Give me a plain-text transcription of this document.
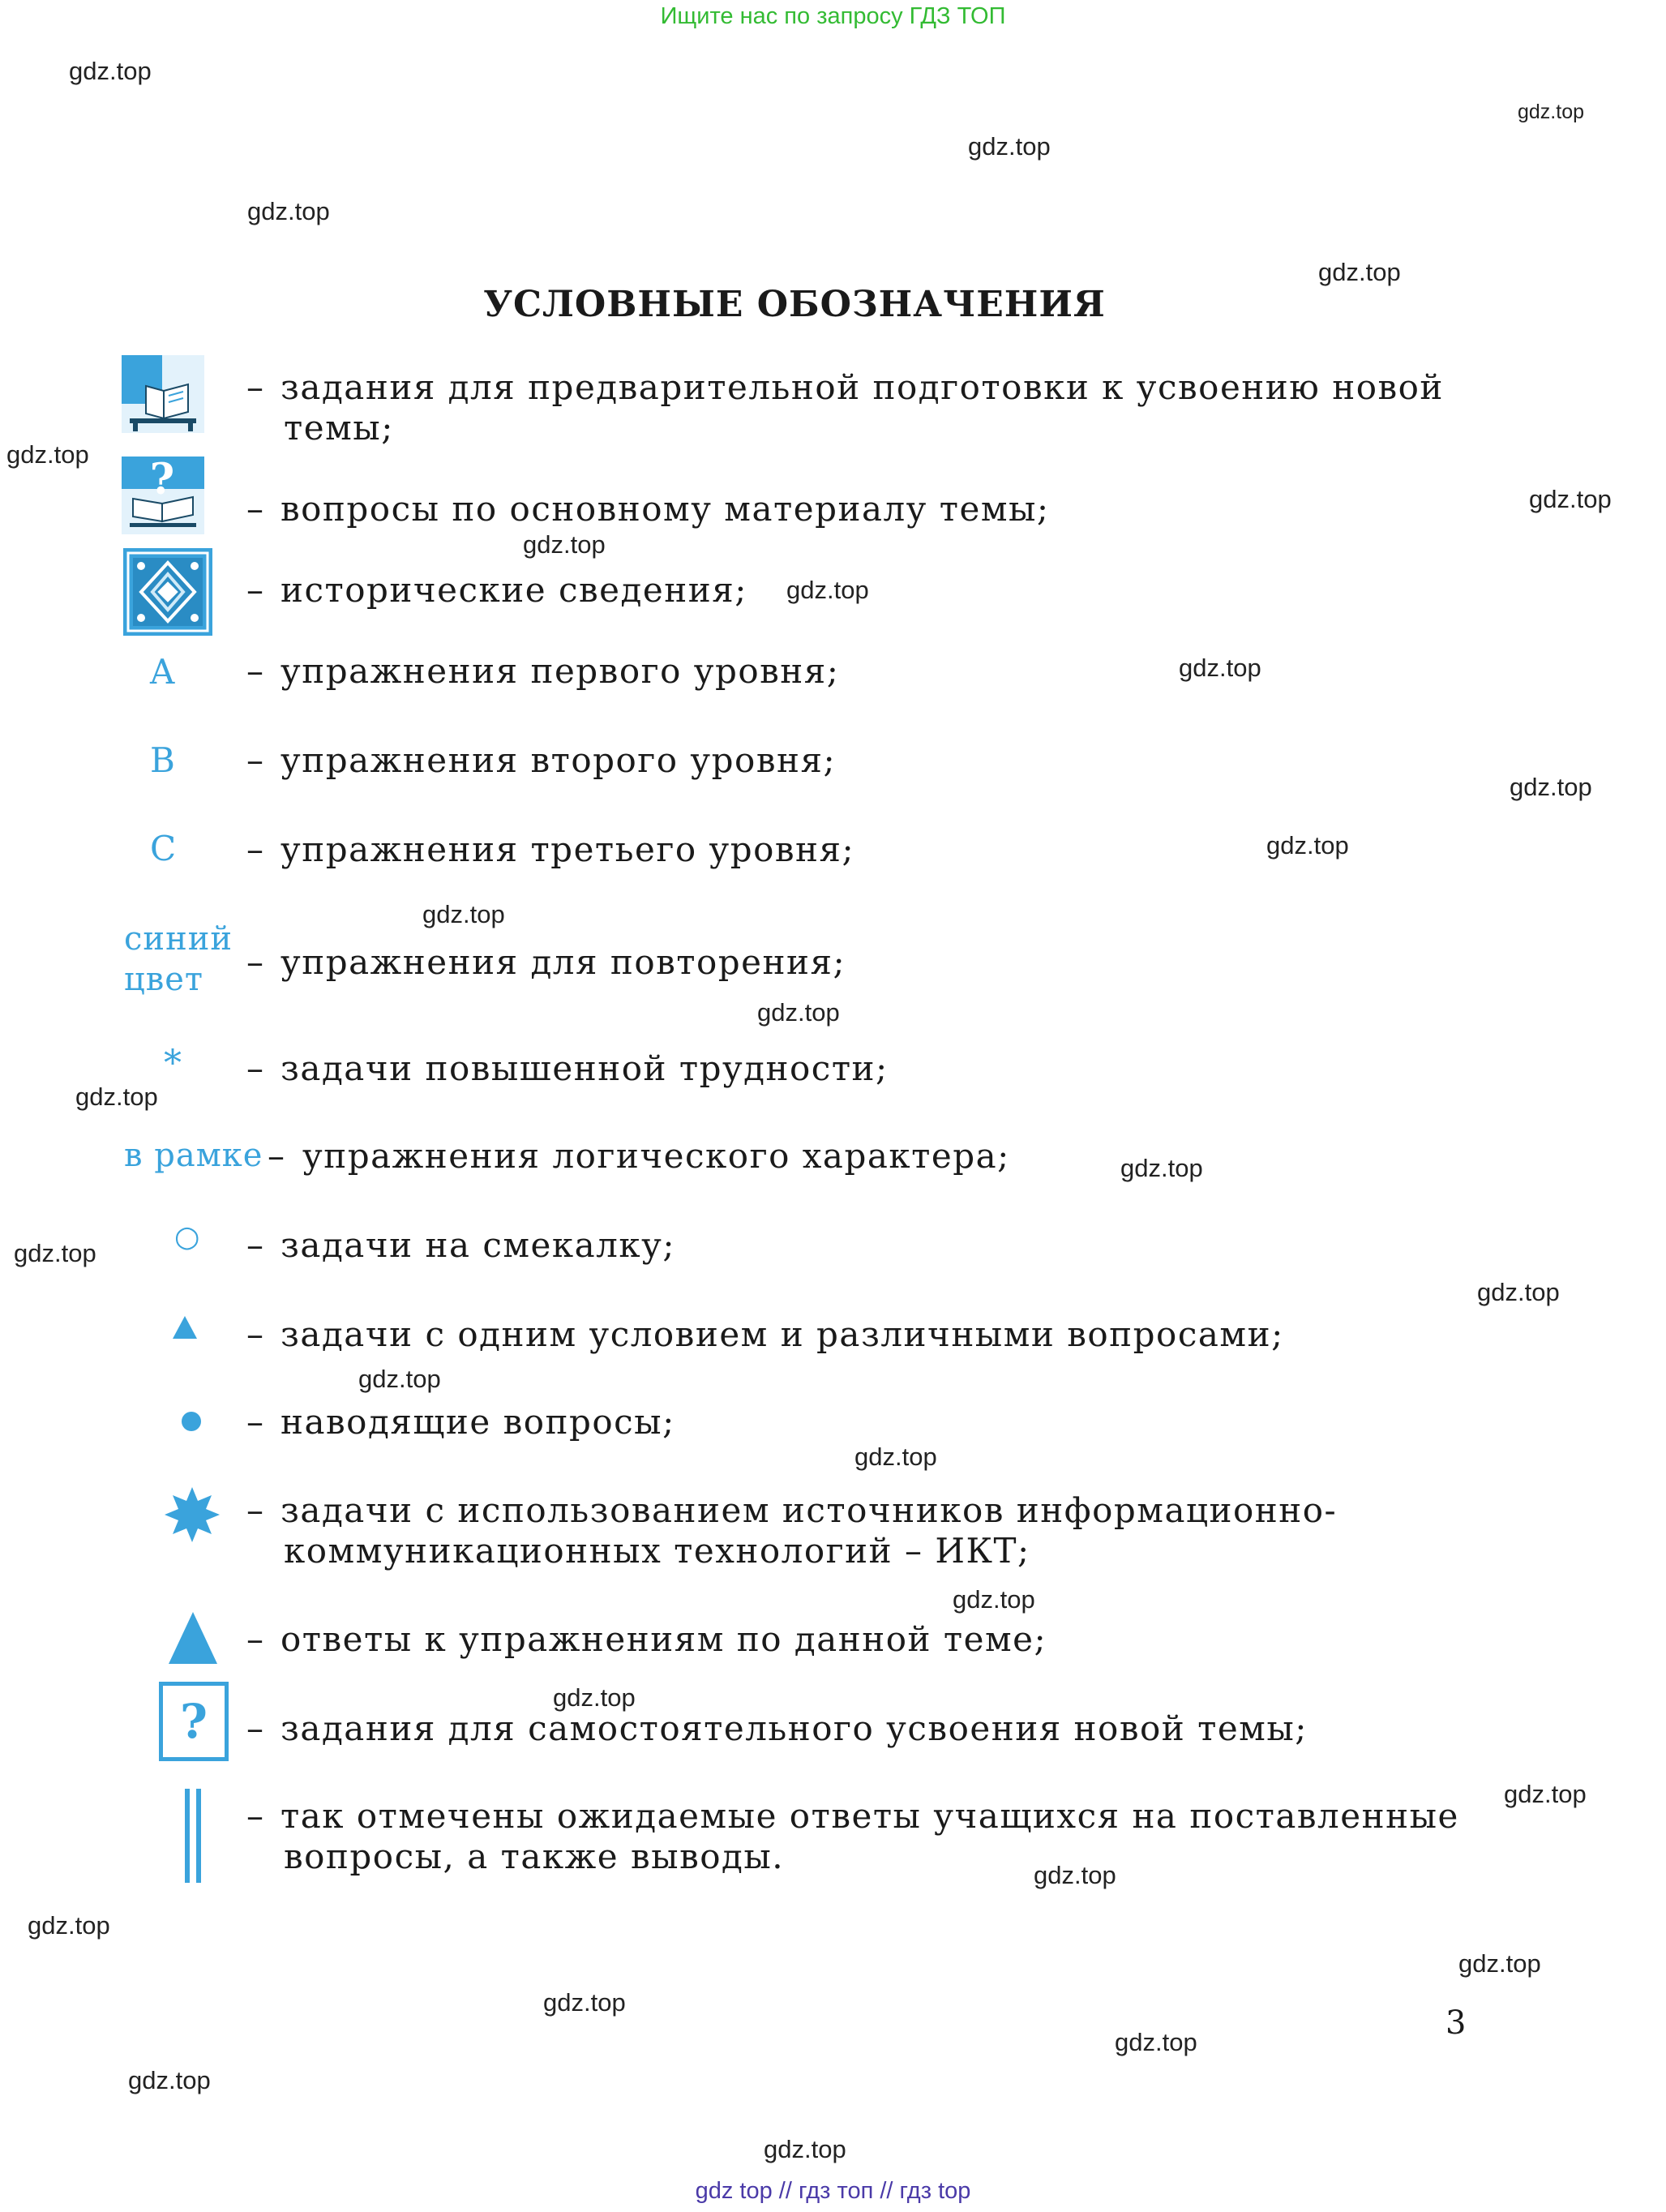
Ищите нас по запросу ГДЗ ТОП
gdz.top
gdz.top
gdz.top
gdz.top
gdz.top
gdz.top
gdz.top
gdz.top
gdz.top
gdz.top
gdz.top
gdz.top
gdz.top
gdz.top
gdz.top
gdz.top
gdz.top
gdz.top
gdz.top
gdz.top
gdz.top
gdz.top
gdz.top
gdz.top
gdz.top
gdz.top
gdz.top
gdz.top
gdz.top
gdz.top
УСЛОВНЫЕ ОБОЗНАЧЕНИЯ
– задания для предварительной подготовки к усвоению новой
темы;
?
– вопросы по основному материалу темы;
– исторические сведения;
A – упражнения первого уровня;
B – упражнения второго уровня;
C – упражнения третьего уровня;
синий
цвет – упражнения для повторения;
* – задачи повышенной трудности;
в рамке – упражнения логического характера;
○ – задачи на смекалку;
– задачи с одним условием и различными вопросами;
– наводящие вопросы;
– задачи с использованием источников информационно-
коммуникационных технологий – ИКТ;
– ответы к упражнениям по данной теме;
?	– задания для самостоятельного усвоения новой темы;
– так отмечены ожидаемые ответы учащихся на поставленные
вопросы, а также выводы.
3
gdz top // гдз топ // гдз top
